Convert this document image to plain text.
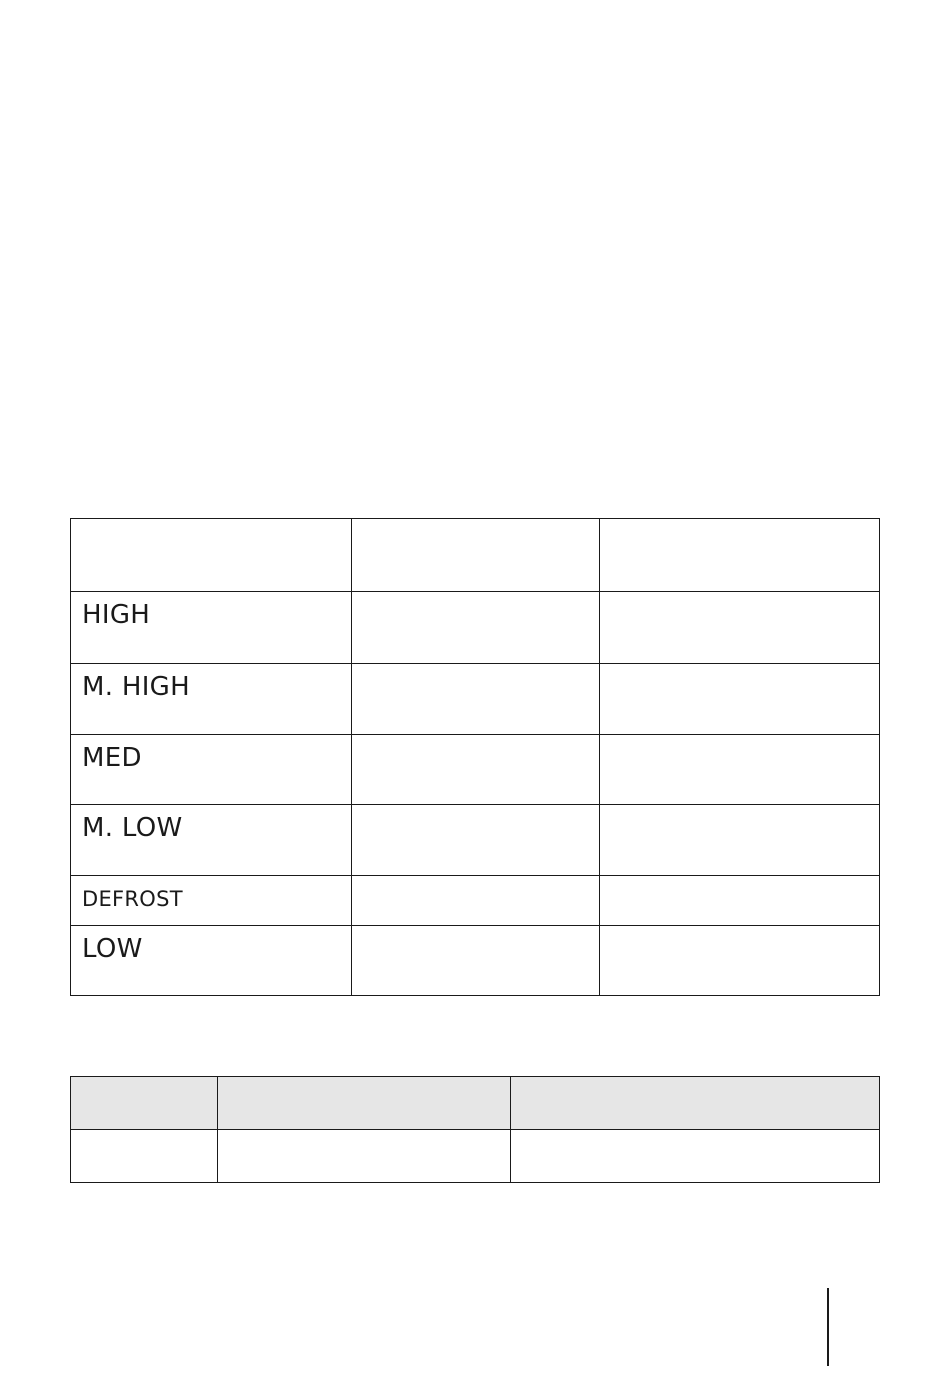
HIGH		

M. HIGH		

MED		

M. LOW		

DEFROST		

LOW		
